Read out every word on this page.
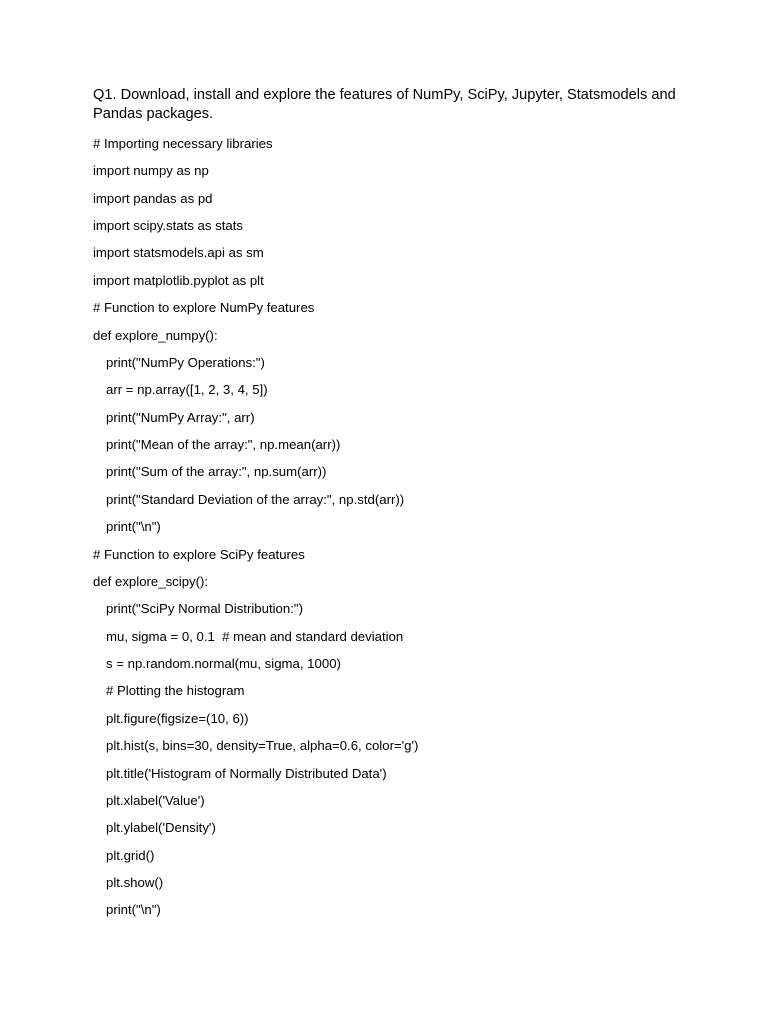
Q1. Download, install and explore the features of NumPy, SciPy, Jupyter, Statsmodels and Pandas packages.

# Importing necessary libraries

import numpy as np

import pandas as pd

import scipy.stats as stats

import statsmodels.api as sm

import matplotlib.pyplot as plt

# Function to explore NumPy features

def explore_numpy():

print("NumPy Operations:")

arr = np.array([1, 2, 3, 4, 5])

print("NumPy Array:", arr)

print("Mean of the array:", np.mean(arr))

print("Sum of the array:", np.sum(arr))

print("Standard Deviation of the array:", np.std(arr))

print("\n")

# Function to explore SciPy features

def explore_scipy():

print("SciPy Normal Distribution:")

mu, sigma = 0, 0.1  # mean and standard deviation

s = np.random.normal(mu, sigma, 1000)

# Plotting the histogram

plt.figure(figsize=(10, 6))

plt.hist(s, bins=30, density=True, alpha=0.6, color='g')

plt.title('Histogram of Normally Distributed Data')

plt.xlabel('Value')

plt.ylabel('Density')

plt.grid()

plt.show()

print("\n")
